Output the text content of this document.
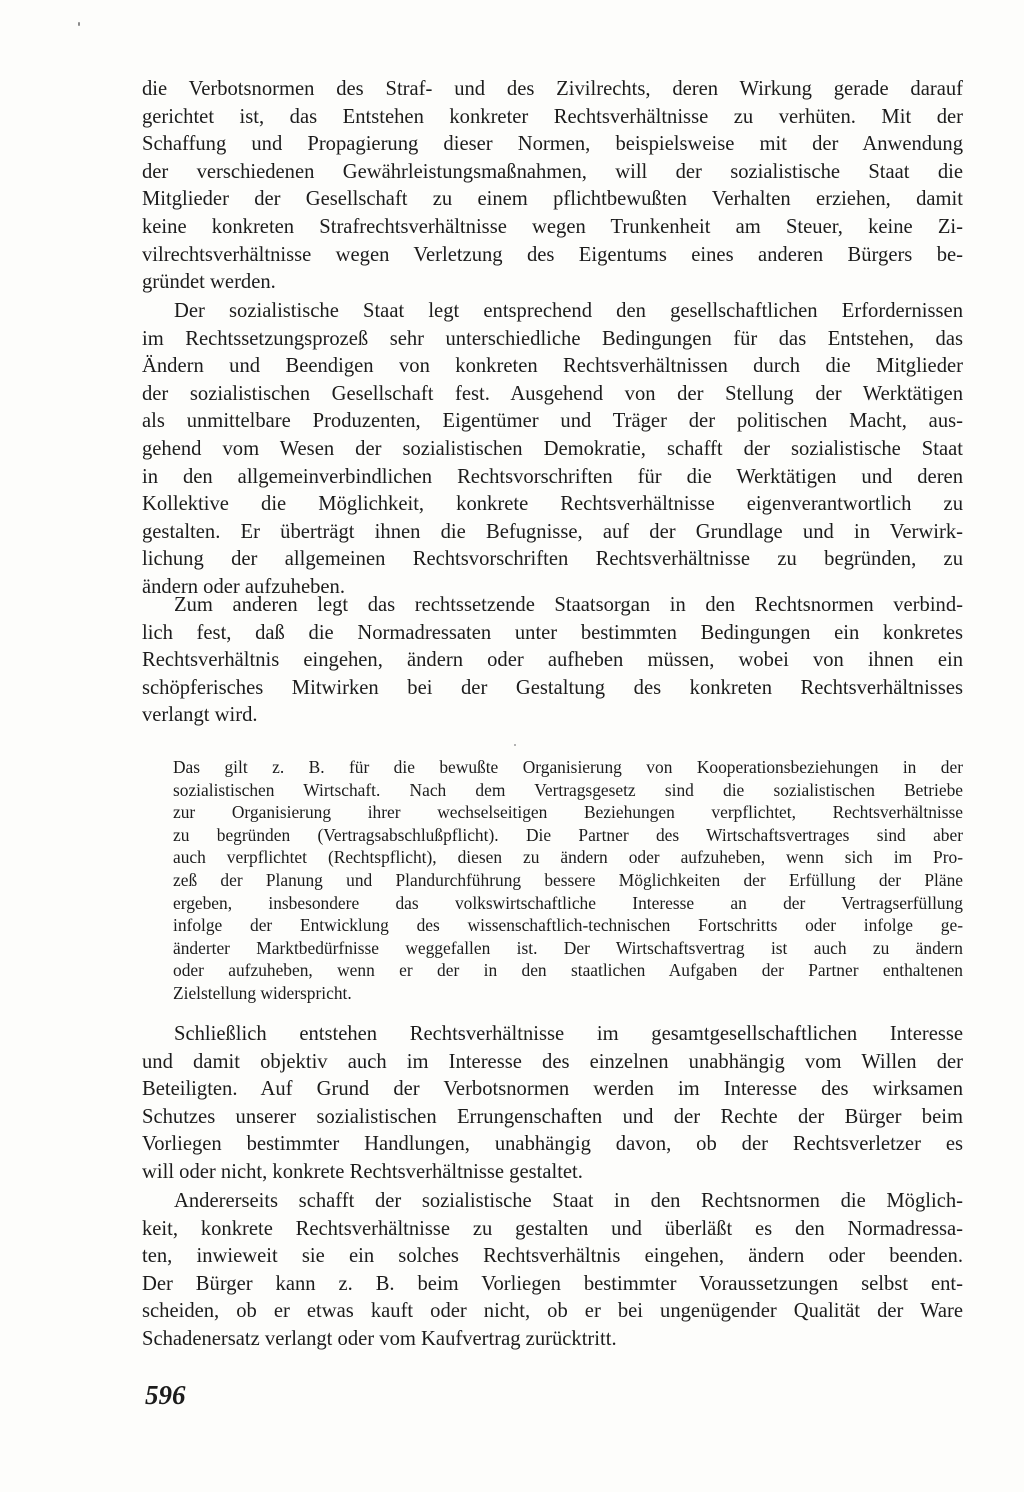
die Verbotsnormen des Straf- und des Zivilrechts, deren Wirkung gerade darauf
gerichtet ist, das Entstehen konkreter Rechtsverhältnisse zu verhüten. Mit der
Schaffung und Propagierung dieser Normen, beispielsweise mit der Anwendung
der verschiedenen Gewährleistungsmaßnahmen, will der sozialistische Staat die
Mitglieder der Gesellschaft zu einem pflichtbewußten Verhalten erziehen, damit
keine konkreten Strafrechtsverhältnisse wegen Trunkenheit am Steuer, keine Zi-
vilrechtsverhältnisse wegen Verletzung des Eigentums eines anderen Bürgers be-
gründet werden.
Der sozialistische Staat legt entsprechend den gesellschaftlichen Erfordernissen
im Rechtssetzungsprozeß sehr unterschiedliche Bedingungen für das Entstehen, das
Ändern und Beendigen von konkreten Rechtsverhältnissen durch die Mitglieder
der sozialistischen Gesellschaft fest. Ausgehend von der Stellung der Werktätigen
als unmittelbare Produzenten, Eigentümer und Träger der politischen Macht, aus-
gehend vom Wesen der sozialistischen Demokratie, schafft der sozialistische Staat
in den allgemeinverbindlichen Rechtsvorschriften für die Werktätigen und deren
Kollektive die Möglichkeit, konkrete Rechtsverhältnisse eigenverantwortlich zu
gestalten. Er überträgt ihnen die Befugnisse, auf der Grundlage und in Verwirk-
lichung der allgemeinen Rechtsvorschriften Rechtsverhältnisse zu begründen, zu
ändern oder aufzuheben.
Zum anderen legt das rechtssetzende Staatsorgan in den Rechtsnormen verbind-
lich fest, daß die Normadressaten unter bestimmten Bedingungen ein konkretes
Rechtsverhältnis eingehen, ändern oder aufheben müssen, wobei von ihnen ein
schöpferisches Mitwirken bei der Gestaltung des konkreten Rechtsverhältnisses
verlangt wird.
Das gilt z. B. für die bewußte Organisierung von Kooperationsbeziehungen in der
sozialistischen Wirtschaft. Nach dem Vertragsgesetz sind die sozialistischen Betriebe
zur Organisierung ihrer wechselseitigen Beziehungen verpflichtet, Rechtsverhältnisse
zu begründen (Vertragsabschlußpflicht). Die Partner des Wirtschaftsvertrages sind aber
auch verpflichtet (Rechtspflicht), diesen zu ändern oder aufzuheben, wenn sich im Pro-
zeß der Planung und Plandurchführung bessere Möglichkeiten der Erfüllung der Pläne
ergeben, insbesondere das volkswirtschaftliche Interesse an der Vertragserfüllung
infolge der Entwicklung des wissenschaftlich-technischen Fortschritts oder infolge ge-
änderter Marktbedürfnisse weggefallen ist. Der Wirtschaftsvertrag ist auch zu ändern
oder aufzuheben, wenn er der in den staatlichen Aufgaben der Partner enthaltenen
Zielstellung widerspricht.
Schließlich entstehen Rechtsverhältnisse im gesamtgesellschaftlichen Interesse
und damit objektiv auch im Interesse des einzelnen unabhängig vom Willen der
Beteiligten. Auf Grund der Verbotsnormen werden im Interesse des wirksamen
Schutzes unserer sozialistischen Errungenschaften und der Rechte der Bürger beim
Vorliegen bestimmter Handlungen, unabhängig davon, ob der Rechtsverletzer es
will oder nicht, konkrete Rechtsverhältnisse gestaltet.
Andererseits schafft der sozialistische Staat in den Rechtsnormen die Möglich-
keit, konkrete Rechtsverhältnisse zu gestalten und überläßt es den Normadressa-
ten, inwieweit sie ein solches Rechtsverhältnis eingehen, ändern oder beenden.
Der Bürger kann z. B. beim Vorliegen bestimmter Voraussetzungen selbst ent-
scheiden, ob er etwas kauft oder nicht, ob er bei ungenügender Qualität der Ware
Schadenersatz verlangt oder vom Kaufvertrag zurücktritt.
596
